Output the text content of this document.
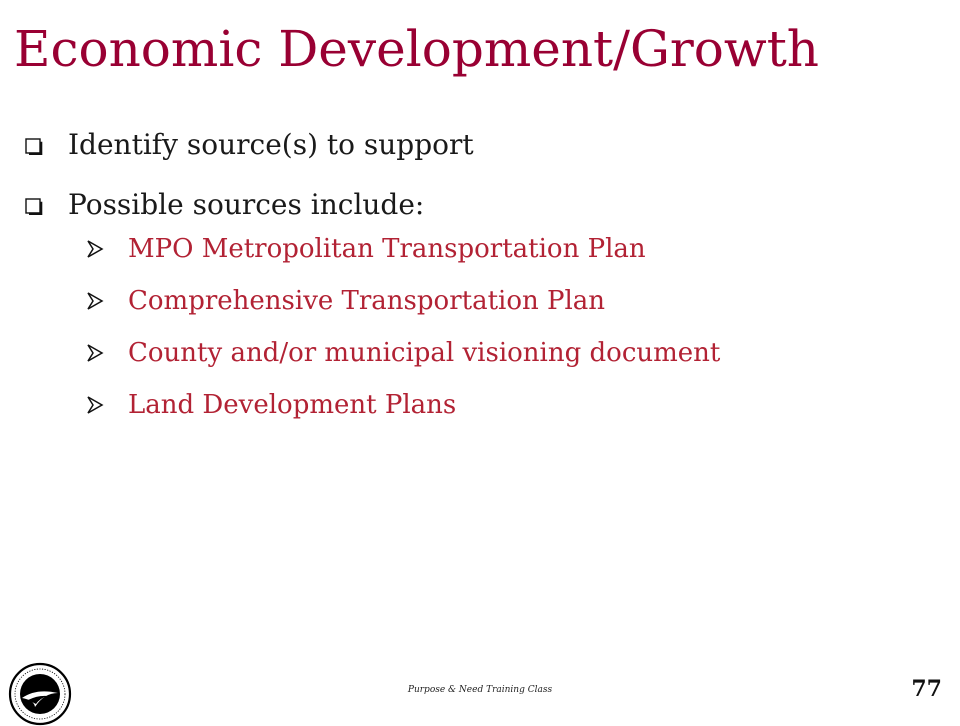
Economic Development/Growth
Identify source(s) to support
Possible sources include:
MPO Metropolitan Transportation Plan
Comprehensive Transportation Plan
County and/or municipal visioning document
Land Development Plans
Purpose & Need Training Class	77
